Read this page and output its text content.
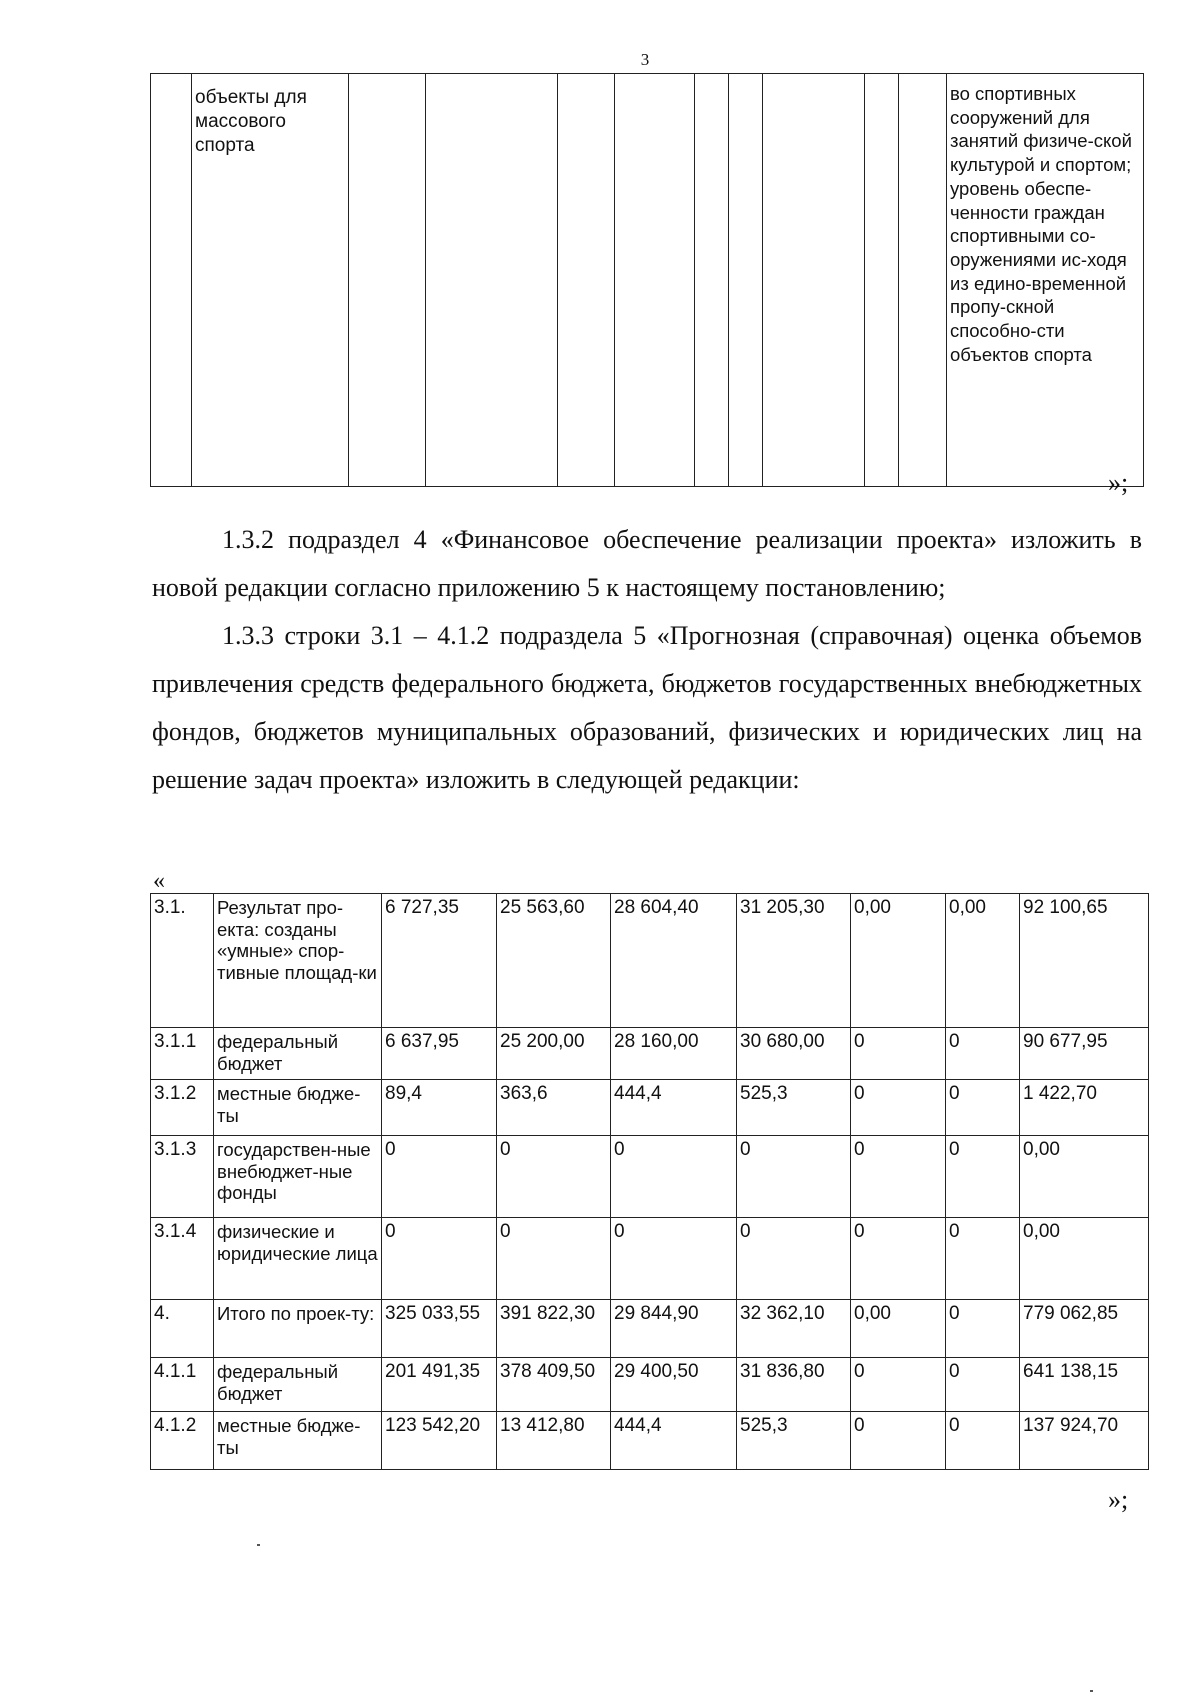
3
	объекты для массового спорта										во спортивных сооружений для занятий физиче-ской культурой и спортом; уровень обеспе-ченности граждан спортивными со-оружениями ис-ходя из едино-временной пропу-скной способно-сти объектов спорта
»;

1.3.2 подраздел 4 «Финансовое обеспечение реализации проекта» изложить в новой редакции согласно приложению 5 к настоящему постановлению;

1.3.3 строки 3.1 – 4.1.2 подраздела 5 «Прогнозная (справочная) оценка объемов привлечения средств федерального бюджета, бюджетов государственных внебюджетных фондов, бюджетов муниципальных образований, физических и юридических лиц на решение задач проекта» изложить в следующей редакции:

«
3.1.	Результат про-екта: созданы «умные» спор-тивные площад-ки	6 727,35	25 563,60	28 604,40	31 205,30	0,00	0,00	92 100,65
3.1.1	федеральный бюджет	6 637,95	25 200,00	28 160,00	30 680,00	0	0	90 677,95
3.1.2	местные бюдже-ты	89,4	363,6	444,4	525,3	0	0	1 422,70
3.1.3	государствен-ные внебюджет-ные фонды	0	0	0	0	0	0	0,00
3.1.4	физические и юридические лица	0	0	0	0	0	0	0,00
4.	Итого по проек-ту:	325 033,55	391 822,30	29 844,90	32 362,10	0,00	0	779 062,85
4.1.1	федеральный бюджет	201 491,35	378 409,50	29 400,50	31 836,80	0	0	641 138,15
4.1.2	местные бюдже-ты	123 542,20	13 412,80	444,4	525,3	0	0	137 924,70
»;
